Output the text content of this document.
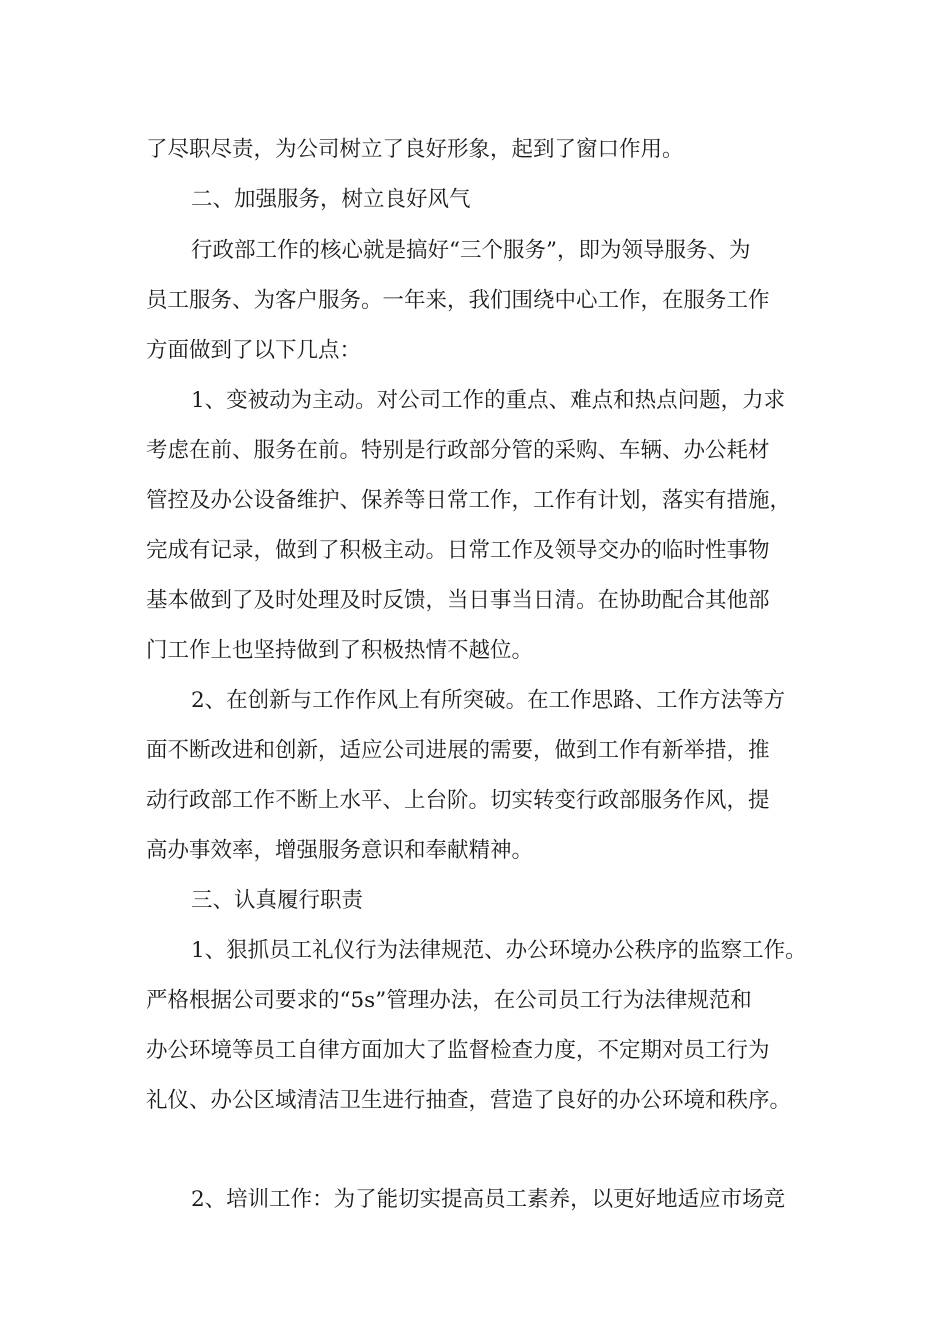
了尽职尽责，为公司树立了良好形象，起到了窗口作用。

二、加强服务，树立良好风气

行政部工作的核心就是搞好“三个服务”，即为领导服务、为

员工服务、为客户服务。一年来，我们围绕中心工作，在服务工作

方面做到了以下几点：

1、变被动为主动。对公司工作的重点、难点和热点问题，力求

考虑在前、服务在前。特别是行政部分管的采购、车辆、办公耗材

管控及办公设备维护、保养等日常工作，工作有计划，落实有措施，

完成有记录，做到了积极主动。日常工作及领导交办的临时性事物

基本做到了及时处理及时反馈，当日事当日清。在协助配合其他部

门工作上也坚持做到了积极热情不越位。

2、在创新与工作作风上有所突破。在工作思路、工作方法等方

面不断改进和创新，适应公司进展的需要，做到工作有新举措，推

动行政部工作不断上水平、上台阶。切实转变行政部服务作风，提

高办事效率，增强服务意识和奉献精神。

三、认真履行职责

1、狠抓员工礼仪行为法律规范、办公环境办公秩序的监察工作。

严格根据公司要求的“5s”管理办法，在公司员工行为法律规范和

办公环境等员工自律方面加大了监督检查力度，不定期对员工行为

礼仪、办公区域清洁卫生进行抽查，营造了良好的办公环境和秩序。

2、培训工作：为了能切实提高员工素养，以更好地适应市场竞
